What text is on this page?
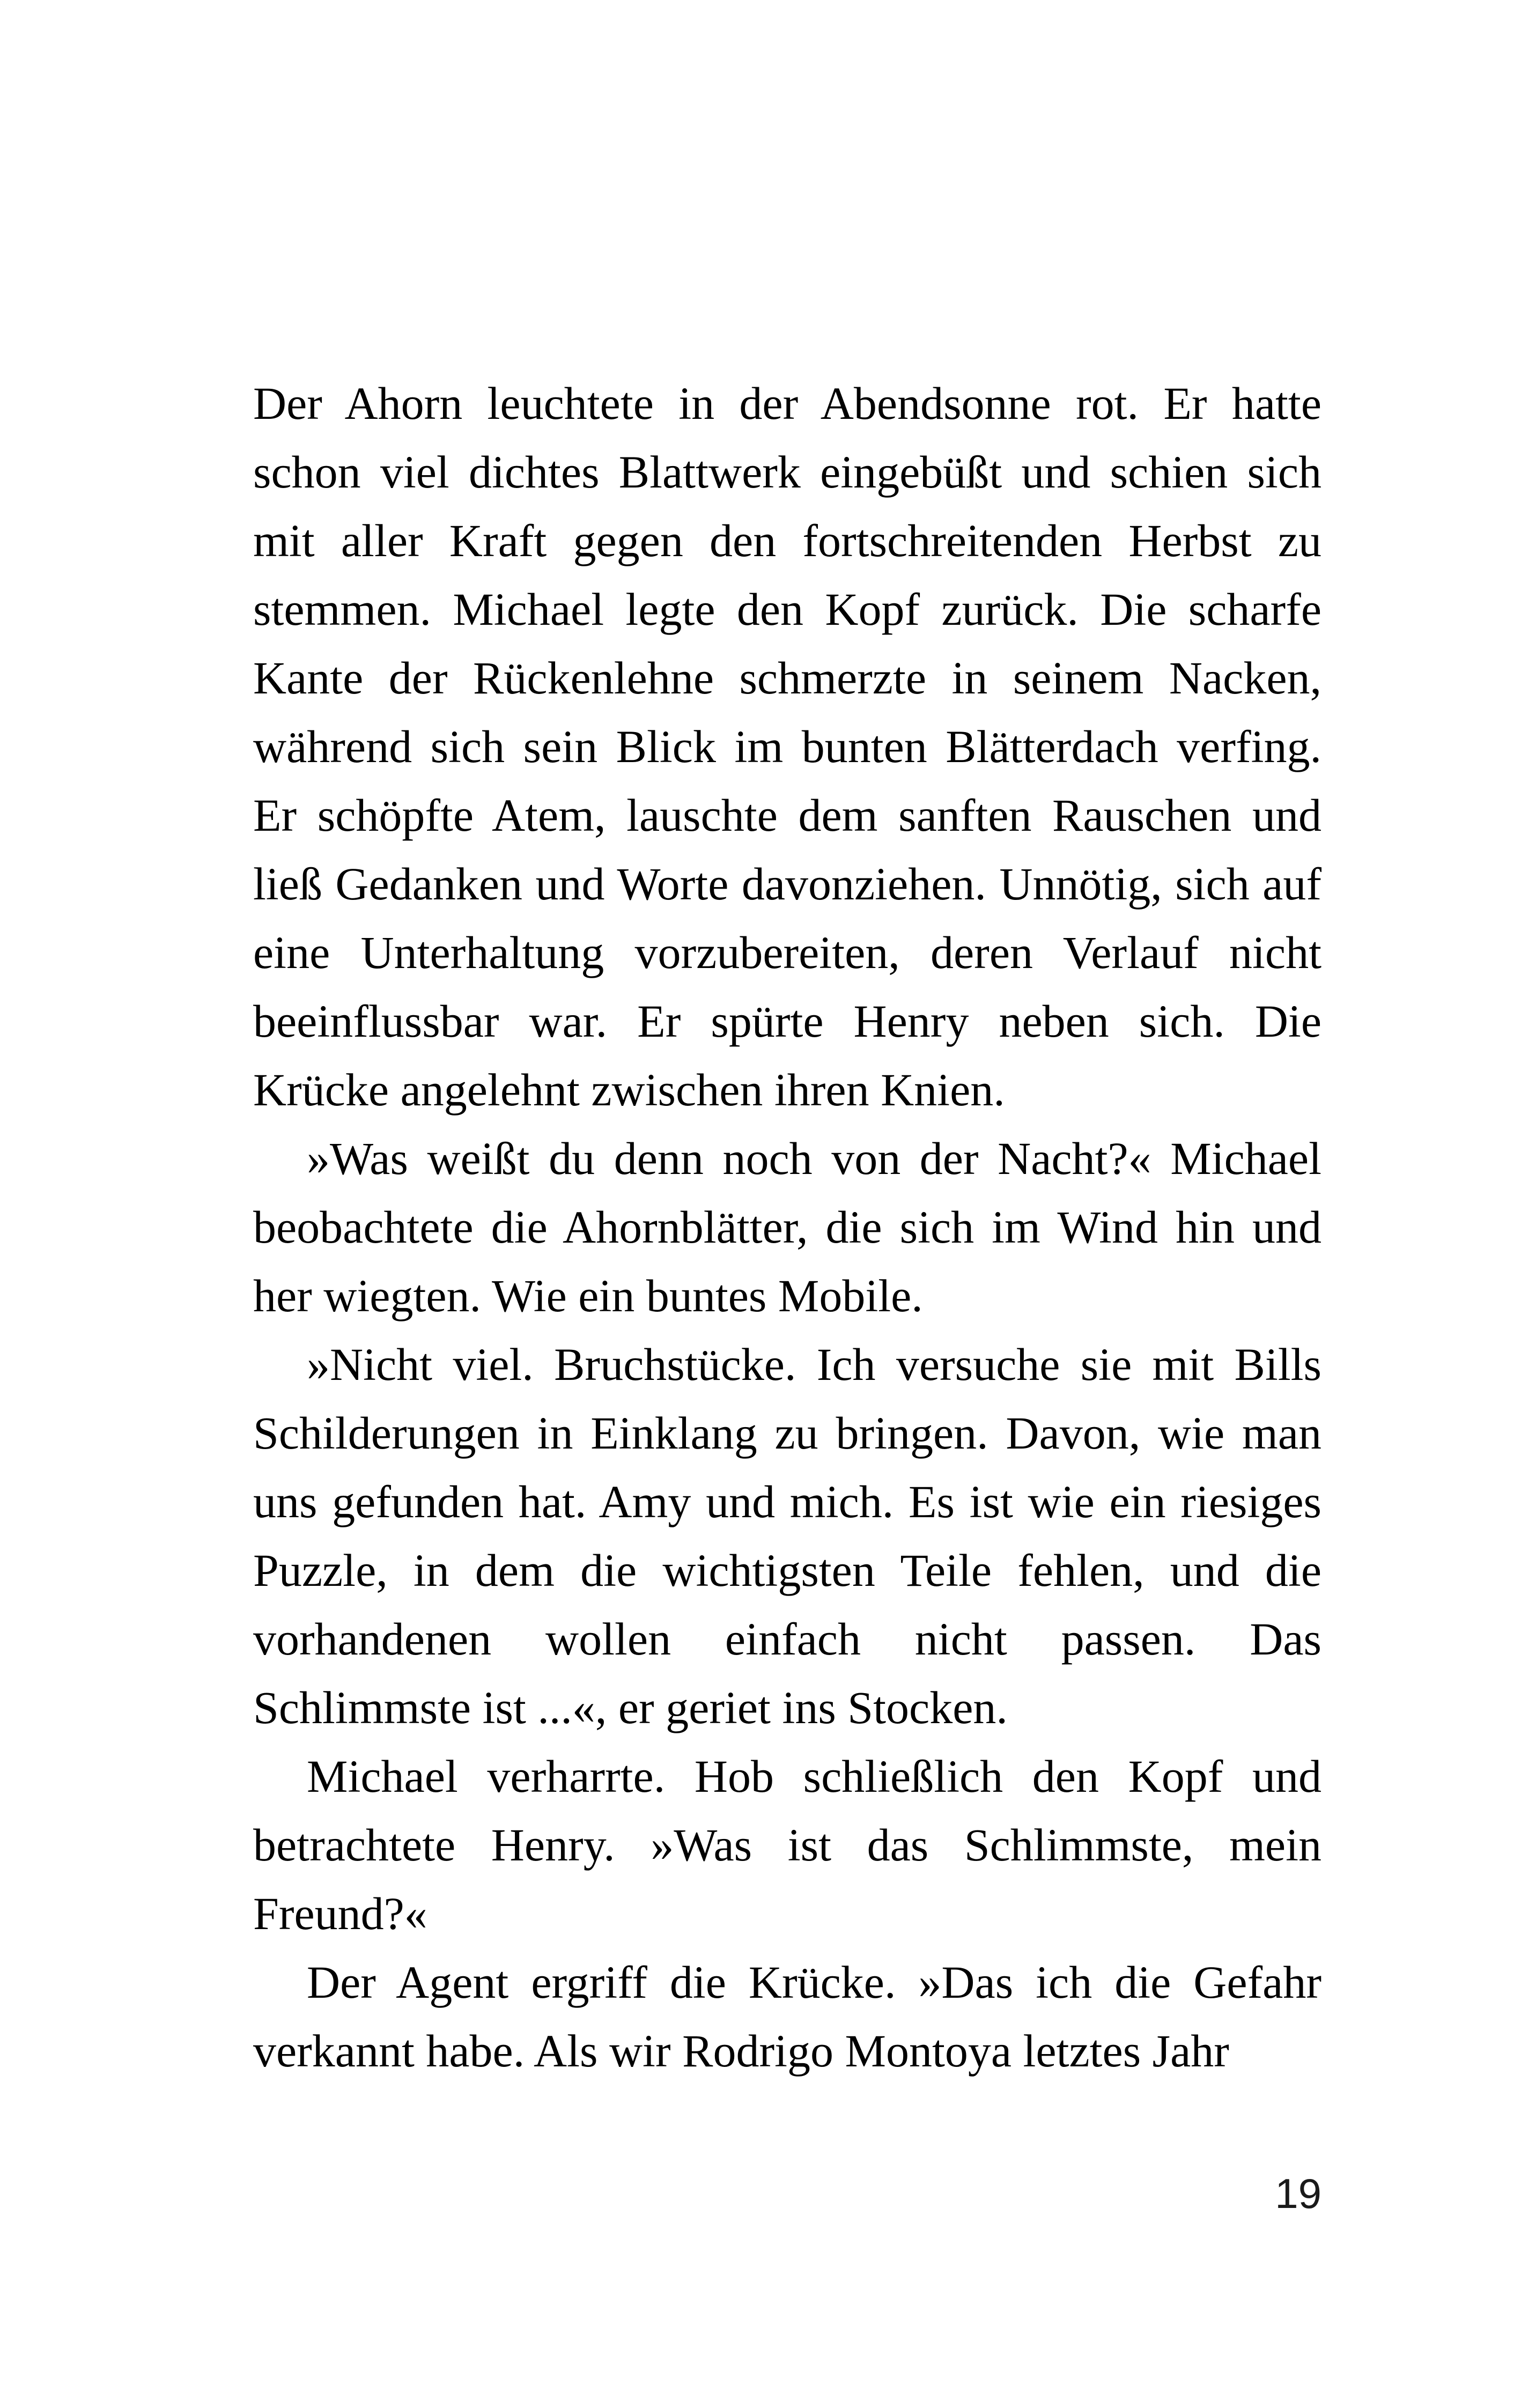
Der Ahorn leuchtete in der Abendsonne rot. Er hatte schon viel dichtes Blattwerk eingebüßt und schien sich mit aller Kraft gegen den fortschreitenden Herbst zu stemmen. Michael legte den Kopf zurück. Die scharfe Kante der Rückenlehne schmerzte in seinem Nacken, während sich sein Blick im bunten Blätterdach verfing. Er schöpfte Atem, lauschte dem sanften Rauschen und ließ Gedanken und Worte davonziehen. Unnötig, sich auf eine Unterhaltung vorzubereiten, deren Verlauf nicht beeinflussbar war. Er spürte Henry neben sich. Die Krücke angelehnt zwischen ihren Knien.

»Was weißt du denn noch von der Nacht?« Michael beobachtete die Ahornblätter, die sich im Wind hin und her wiegten. Wie ein buntes Mobile.

»Nicht viel. Bruchstücke. Ich versuche sie mit Bills Schilderungen in Einklang zu bringen. Davon, wie man uns gefunden hat. Amy und mich. Es ist wie ein riesiges Puzzle, in dem die wichtigsten Teile fehlen, und die vorhandenen wollen einfach nicht passen. Das Schlimmste ist ...«, er geriet ins Stocken.

Michael verharrte. Hob schließlich den Kopf und betrachtete Henry. »Was ist das Schlimmste, mein Freund?«

Der Agent ergriff die Krücke. »Das ich die Gefahr verkannt habe. Als wir Rodrigo Montoya letztes Jahr

19
